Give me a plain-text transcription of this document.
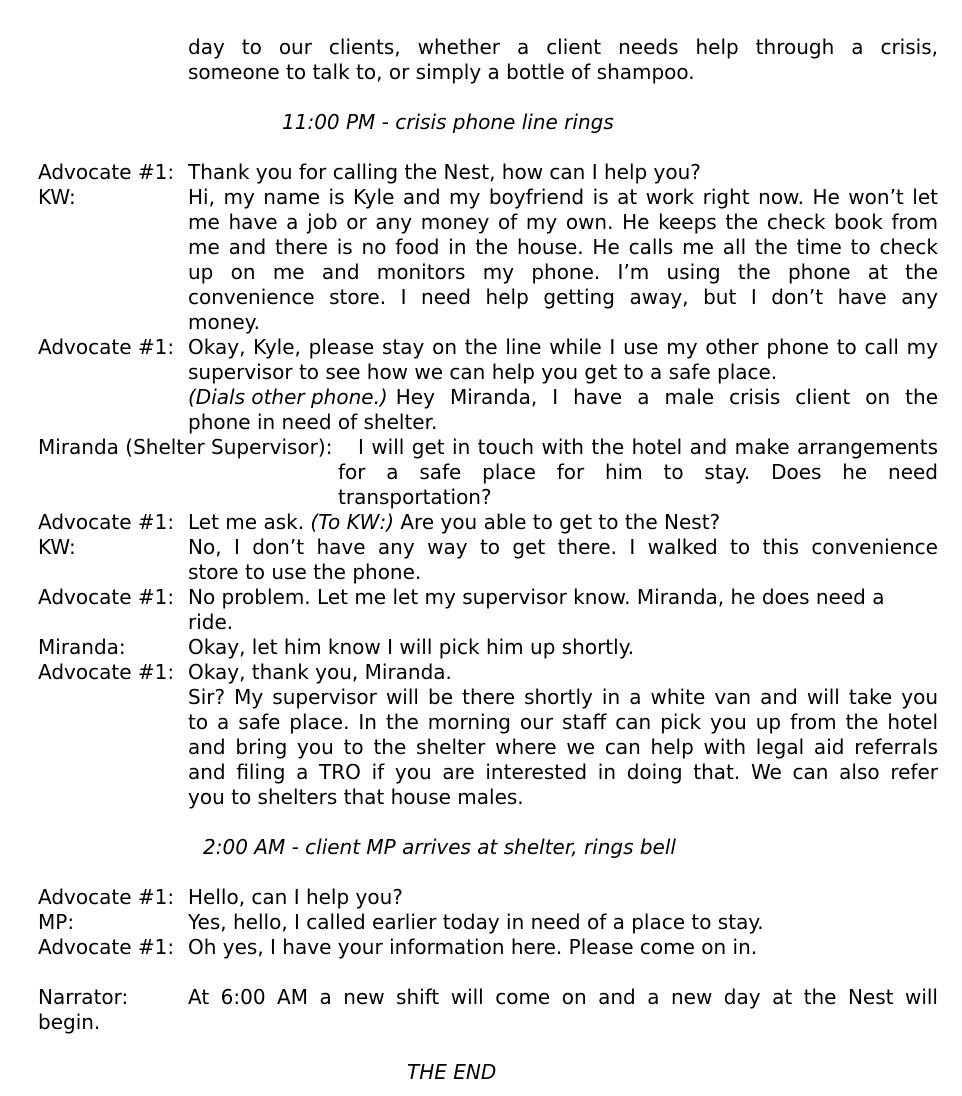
day to our clients, whether a client needs help through a crisis,
someone to talk to, or simply a bottle of shampoo.
11:00 PM - crisis phone line rings
Advocate #1: Thank you for calling the Nest, how can I help you?
KW:	Hi, my name is Kyle and my boyfriend is at work right now. He won’t let
me have a job or any money of my own. He keeps the check book from
me and there is no food in the house. He calls me all the time to check
up on me and monitors my phone. I’m using the phone at the
convenience store. I need help getting away, but I don’t have any
money.
Advocate #1: Okay, Kyle, please stay on the line while I use my other phone to call my
supervisor to see how we can help you get to a safe place.
(Dials other phone.) Hey Miranda, I have a male crisis client on the
phone in need of shelter.
Miranda (Shelter Supervisor): I will get in touch with the hotel and make arrangements
for a safe place for him to stay. Does he need
transportation?
Advocate #1: Let me ask. (To KW:) Are you able to get to the Nest?
KW:	No, I don’t have any way to get there. I walked to this convenience
store to use the phone.
Advocate #1: No problem. Let me let my supervisor know. Miranda, he does need a
ride.
Miranda:	Okay, let him know I will pick him up shortly.
Advocate #1: Okay, thank you, Miranda.
Sir? My supervisor will be there shortly in a white van and will take you
to a safe place. In the morning our staff can pick you up from the hotel
and bring you to the shelter where we can help with legal aid referrals
and filing a TRO if you are interested in doing that. We can also refer
you to shelters that house males.
2:00 AM - client MP arrives at shelter, rings bell
Advocate #1: Hello, can I help you?
MP:	Yes, hello, I called earlier today in need of a place to stay.
Advocate #1: Oh yes, I have your information here. Please come on in.
Narrator:	At 6:00 AM a new shift will come on and a new day at the Nest will
begin.
THE END
